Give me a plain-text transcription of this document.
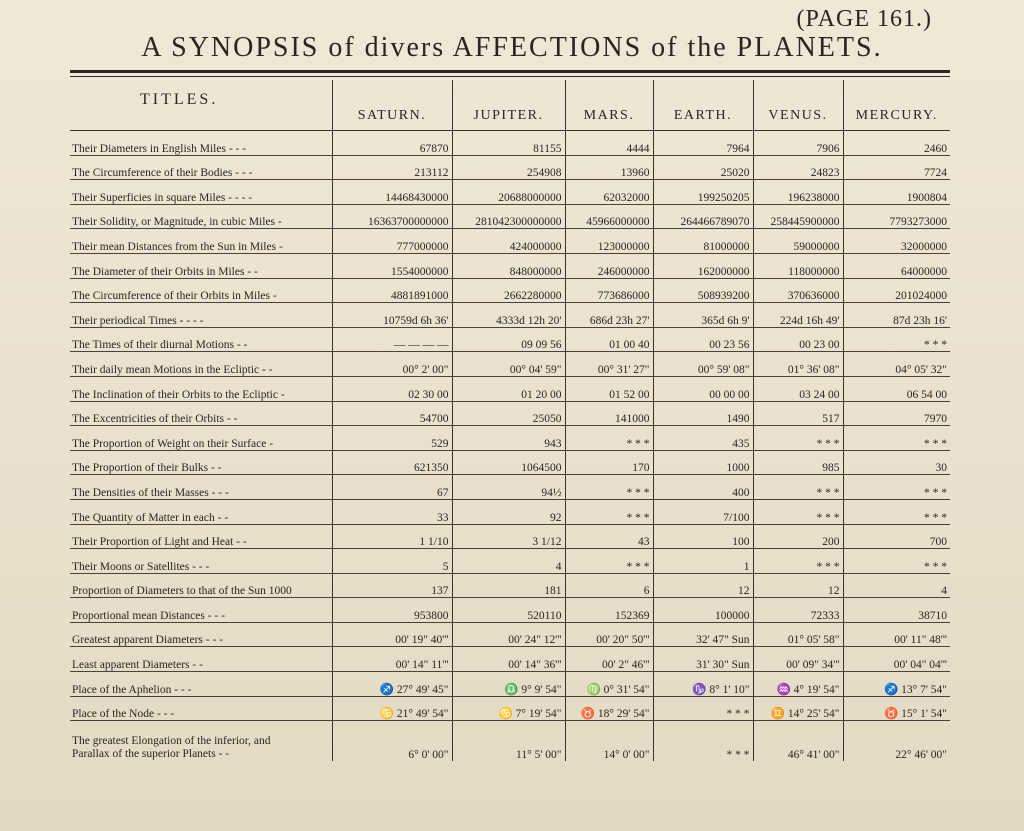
(PAGE 161.)
A SYNOPSIS of divers AFFECTIONS of the PLANETS.
TITLES.	SATURN.	JUPITER.	MARS.	EARTH.	VENUS.	MERCURY.
Their Diameters in English Miles - - -	67870	81155	4444	7964	7906	2460
The Circumference of their Bodies - - -	213112	254908	13960	25020	24823	7724
Their Superficies in square Miles - - - -	14468430000	20688000000	62032000	199250205	196238000	1900804
Their Solidity, or Magnitude, in cubic Miles -	16363700000000	281042300000000	45966000000	264466789070	258445900000	7793273000
Their mean Distances from the Sun in Miles -	777000000	424000000	123000000	81000000	59000000	32000000
The Diameter of their Orbits in Miles - -	1554000000	848000000	246000000	162000000	118000000	64000000
The Circumference of their Orbits in Miles -	4881891000	2662280000	773686000	508939200	370636000	201024000
Their periodical Times - - - -	10759d 6h 36'	4333d 12h 20'	686d 23h 27'	365d 6h 9'	224d 16h 49'	87d 23h 16'
The Times of their diurnal Motions - -	— — — —	09 09 56	01 00 40	00 23 56	00 23 00	* * *
Their daily mean Motions in the Ecliptic - -	00° 2' 00"	00° 04' 59"	00° 31' 27"	00° 59' 08"	01° 36' 08"	04° 05' 32"
The Inclination of their Orbits to the Ecliptic -	02 30 00	01 20 00	01 52 00	00 00 00	03 24 00	06 54 00
The Excentricities of their Orbits - -	54700	25050	141000	1490	517	7970
The Proportion of Weight on their Surface -	529	943	* * *	435	* * *	* * *
The Proportion of their Bulks - -	621350	1064500	170	1000	985	30
The Densities of their Masses - - -	67	94½	* * *	400	* * *	* * *
The Quantity of Matter in each - -	33	92	* * *	7/100	* * *	* * *
Their Proportion of Light and Heat - -	1 1/10	3 1/12	43	100	200	700
Their Moons or Satellites - - -	5	4	* * *	1	* * *	* * *
Proportion of Diameters to that of the Sun 1000	137	181	6	12	12	4
Proportional mean Distances - - -	953800	520110	152369	100000	72333	38710
Greatest apparent Diameters - - -	00' 19" 40'''	00' 24" 12'''	00' 20" 50'''	32' 47" Sun	01° 05' 58"	00' 11" 48'''
Least apparent Diameters - -	00' 14" 11'''	00' 14" 36'''	00' 2" 46'''	31' 30" Sun	00' 09" 34'''	00' 04" 04'''
Place of the Aphelion - - -	♐ 27° 49' 45"	♎ 9° 9' 54"	♍ 0° 31' 54"	♑ 8° 1' 10"	♒ 4° 19' 54"	♐ 13° 7' 54"
Place of the Node - - -	♋ 21° 49' 54"	♋ 7° 19' 54"	♉ 18° 29' 54"	* * *	♊ 14° 25' 54"	♉ 15° 1' 54"

The greatest Elongation of the inferior, and
Parallax of the superior Planets - -	6° 0' 00"	11° 5' 00"	14° 0' 00"	* * *	46° 41' 00"	22° 46' 00"
